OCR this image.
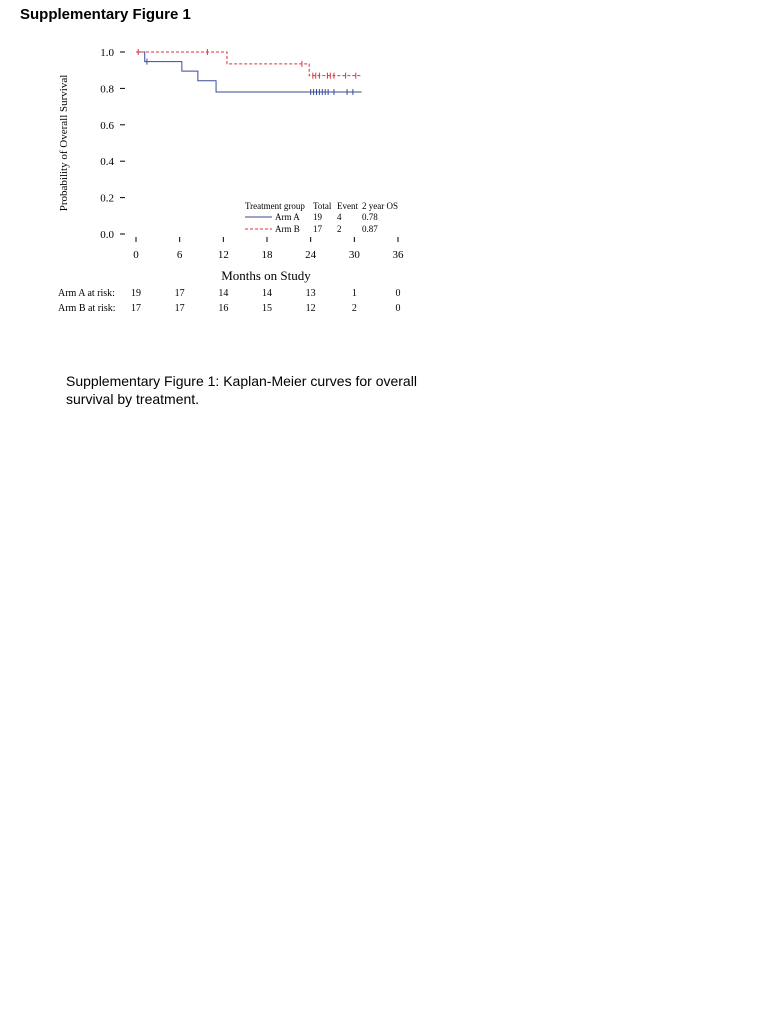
Supplementary Figure 1
0.0
0.2
0.4
0.6
0.8
1.0
0	6	12	18	24	30	36
Probability of Overall Survival
Months on Study
Treatment group Total Event 2 year OS
Arm A 19 4 0.78
Arm B 17 2 0.87
Arm A at risk: 19	17	14	14	13	1	0
Arm B at risk: 17	17	16	15	12	2	0
Supplementary Figure 1: Kaplan-Meier curves for overall survival by treatment.
